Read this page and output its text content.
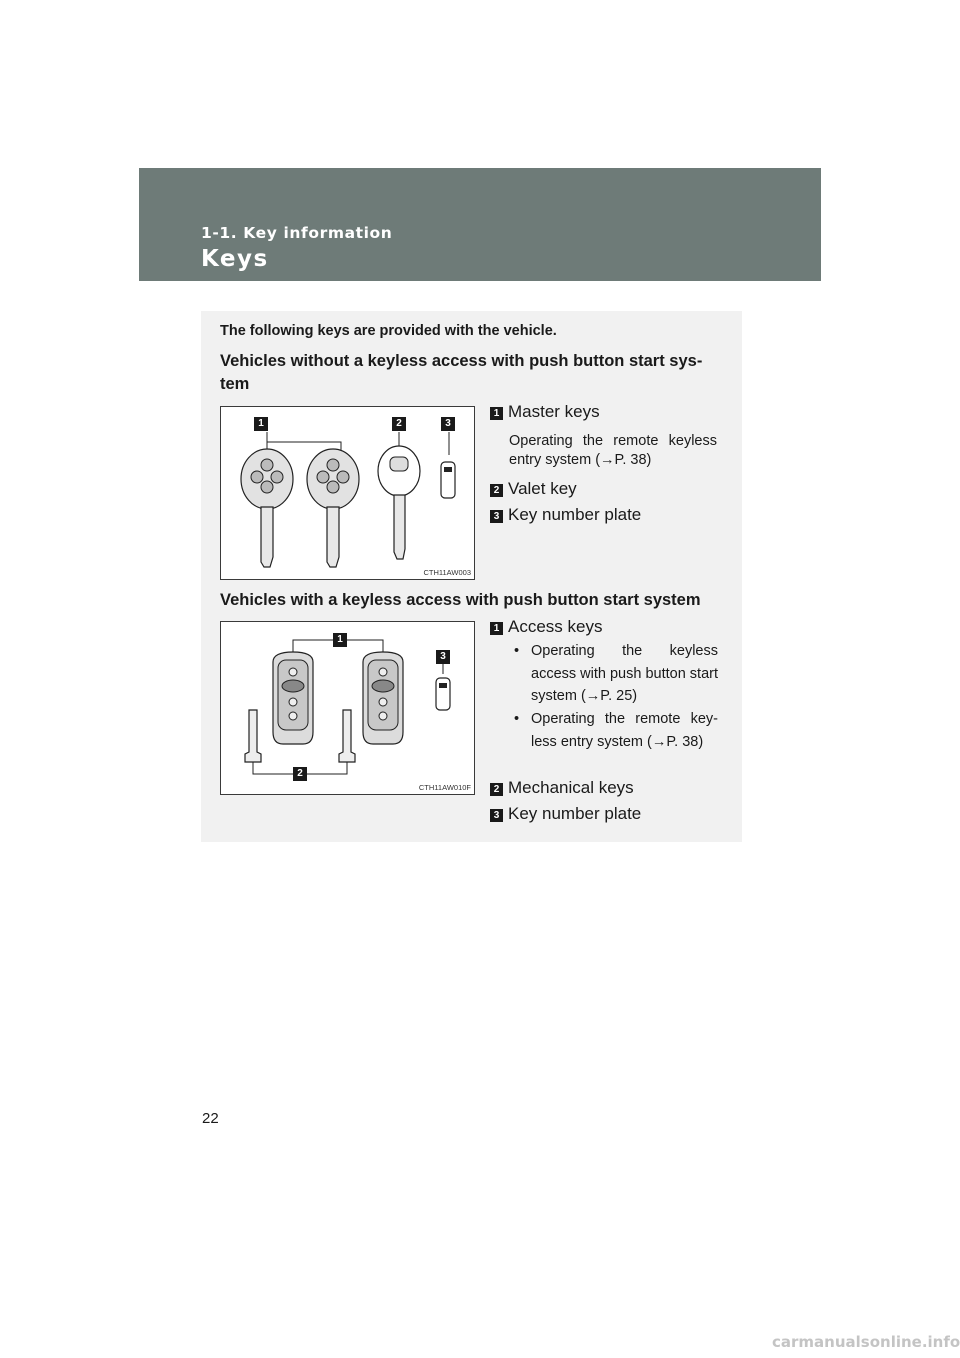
1-1. Key information
Keys
The following keys are provided with the vehicle.
Vehicles without a keyless access with push button start sys- tem
1	2	3
CTH11AW003
1 Master keys
Operating the remote keyless entry system (→P. 38)
2 Valet key
3 Key number plate
Vehicles with a keyless access with push button start system
1
2
3
CTH11AW010F
1 Access keys
• Operating the keyless access with push button start system (→P. 25)
• Operating the remote key- less entry system (→P. 38)
2 Mechanical keys
3 Key number plate
22
carmanualsonline.info
